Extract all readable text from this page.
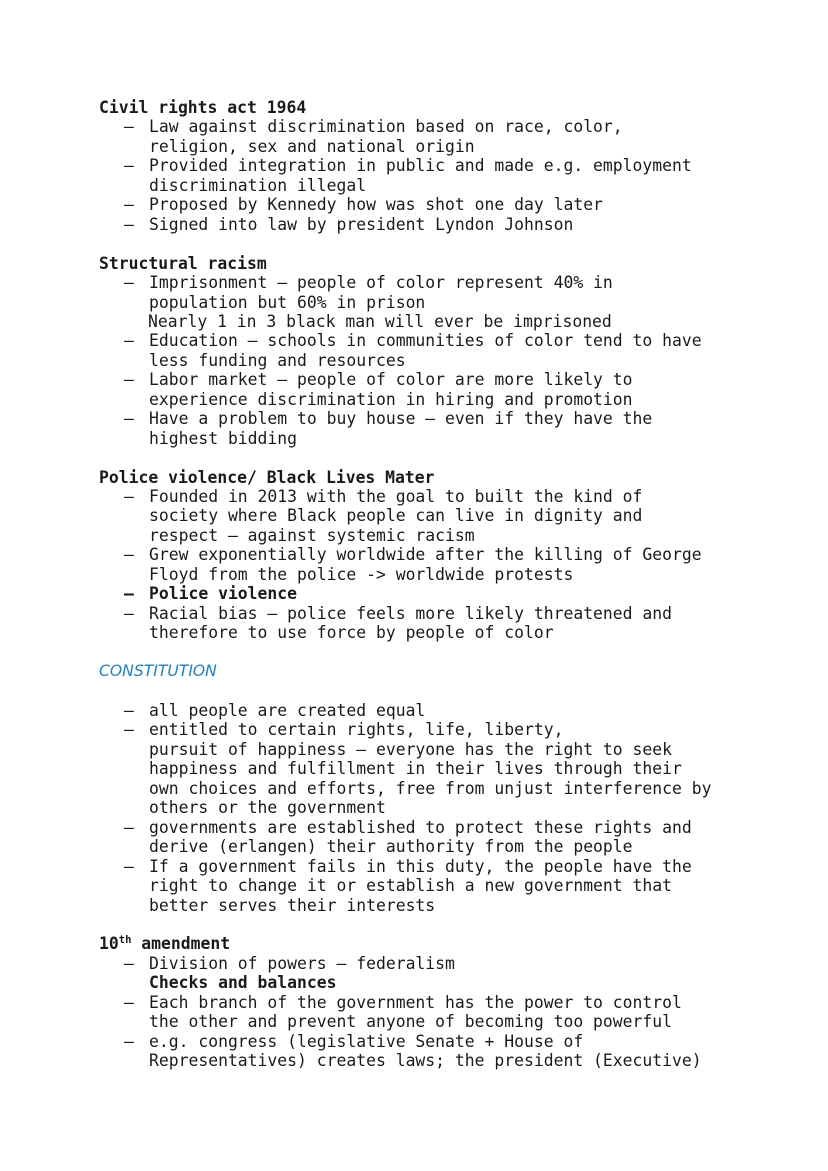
Civil rights act 1964
– Law against discrimination based on race, color,
religion, sex and national origin
– Provided integration in public and made e.g. employment
discrimination illegal
– Proposed by Kennedy how was shot one day later
– Signed into law by president Lyndon Johnson
Structural racism
– Imprisonment – people of color represent 40% in
population but 60% in prison
Nearly 1 in 3 black man will ever be imprisoned
– Education – schools in communities of color tend to have
less funding and resources
– Labor market – people of color are more likely to
experience discrimination in hiring and promotion
– Have a problem to buy house – even if they have the
highest bidding
Police violence/ Black Lives Mater
– Founded in 2013 with the goal to built the kind of
society where Black people can live in dignity and
respect – against systemic racism
– Grew exponentially worldwide after the killing of George
Floyd from the police -> worldwide protests
– Police violence
– Racial bias – police feels more likely threatened and
therefore to use force by people of color
CONSTITUTION
– all people are created equal
– entitled to certain rights, life, liberty,
pursuit of happiness – everyone has the right to seek
happiness and fulfillment in their lives through their
own choices and efforts, free from unjust interference by
others or the government
– governments are established to protect these rights and
derive (erlangen) their authority from the people
– If a government fails in this duty, the people have the
right to change it or establish a new government that
better serves their interests
10th amendment
– Division of powers – federalism
Checks and balances
– Each branch of the government has the power to control
the other and prevent anyone of becoming too powerful
– e.g. congress (legislative Senate + House of
Representatives) creates laws; the president (Executive)
